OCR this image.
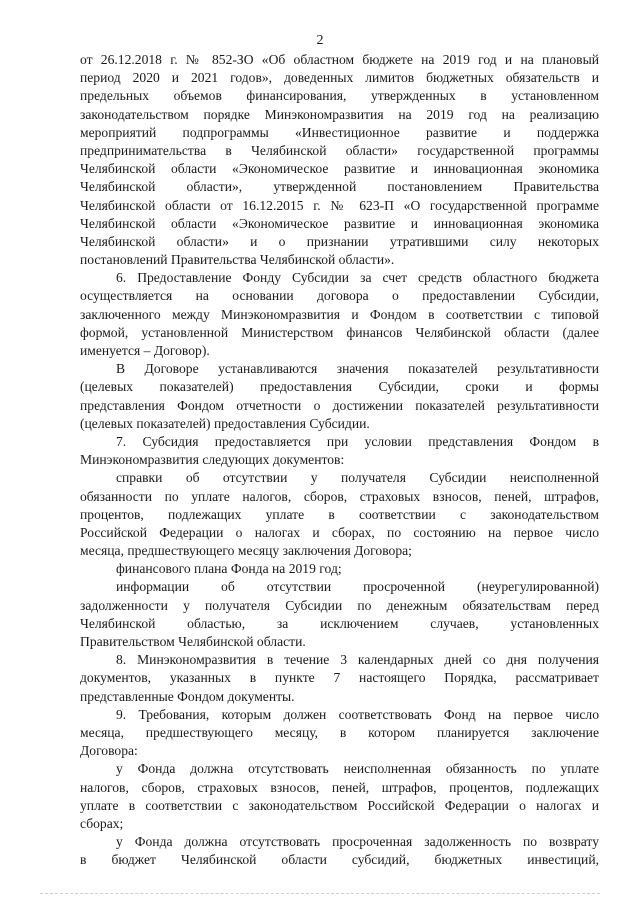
2
от 26.12.2018 г. № 852-ЗО «Об областном бюджете на 2019 год и на плановый
период 2020 и 2021 годов», доведенных лимитов бюджетных обязательств и
предельных объемов финансирования, утвержденных в установленном
законодательством порядке Минэкономразвития на 2019 год на реализацию
мероприятий подпрограммы «Инвестиционное развитие и поддержка
предпринимательства в Челябинской области» государственной программы
Челябинской области «Экономическое развитие и инновационная экономика
Челябинской области», утвержденной постановлением Правительства
Челябинской области от 16.12.2015 г. № 623-П «О государственной программе
Челябинской области «Экономическое развитие и инновационная экономика
Челябинской области» и о признании утратившими силу некоторых
постановлений Правительства Челябинской области».
6. Предоставление Фонду Субсидии за счет средств областного бюджета
осуществляется на основании договора о предоставлении Субсидии,
заключенного между Минэкономразвития и Фондом в соответствии с типовой
формой, установленной Министерством финансов Челябинской области (далее
именуется – Договор).
В Договоре устанавливаются значения показателей результативности
(целевых показателей) предоставления Субсидии, сроки и формы
представления Фондом отчетности о достижении показателей результативности
(целевых показателей) предоставления Субсидии.
7. Субсидия предоставляется при условии представления Фондом в
Минэкономразвития следующих документов:
справки об отсутствии у получателя Субсидии неисполненной
обязанности по уплате налогов, сборов, страховых взносов, пеней, штрафов,
процентов, подлежащих уплате в соответствии с законодательством
Российской Федерации о налогах и сборах, по состоянию на первое число
месяца, предшествующего месяцу заключения Договора;
финансового плана Фонда на 2019 год;
информации об отсутствии просроченной (неурегулированной)
задолженности у получателя Субсидии по денежным обязательствам перед
Челябинской областью, за исключением случаев, установленных
Правительством Челябинской области.
8. Минэкономразвития в течение 3 календарных дней со дня получения
документов, указанных в пункте 7 настоящего Порядка, рассматривает
представленные Фондом документы.
9. Требования, которым должен соответствовать Фонд на первое число
месяца, предшествующего месяцу, в котором планируется заключение
Договора:
у Фонда должна отсутствовать неисполненная обязанность по уплате
налогов, сборов, страховых взносов, пеней, штрафов, процентов, подлежащих
уплате в соответствии с законодательством Российской Федерации о налогах и
сборах;
у Фонда должна отсутствовать просроченная задолженность по возврату
в бюджет Челябинской области субсидий, бюджетных инвестиций,
